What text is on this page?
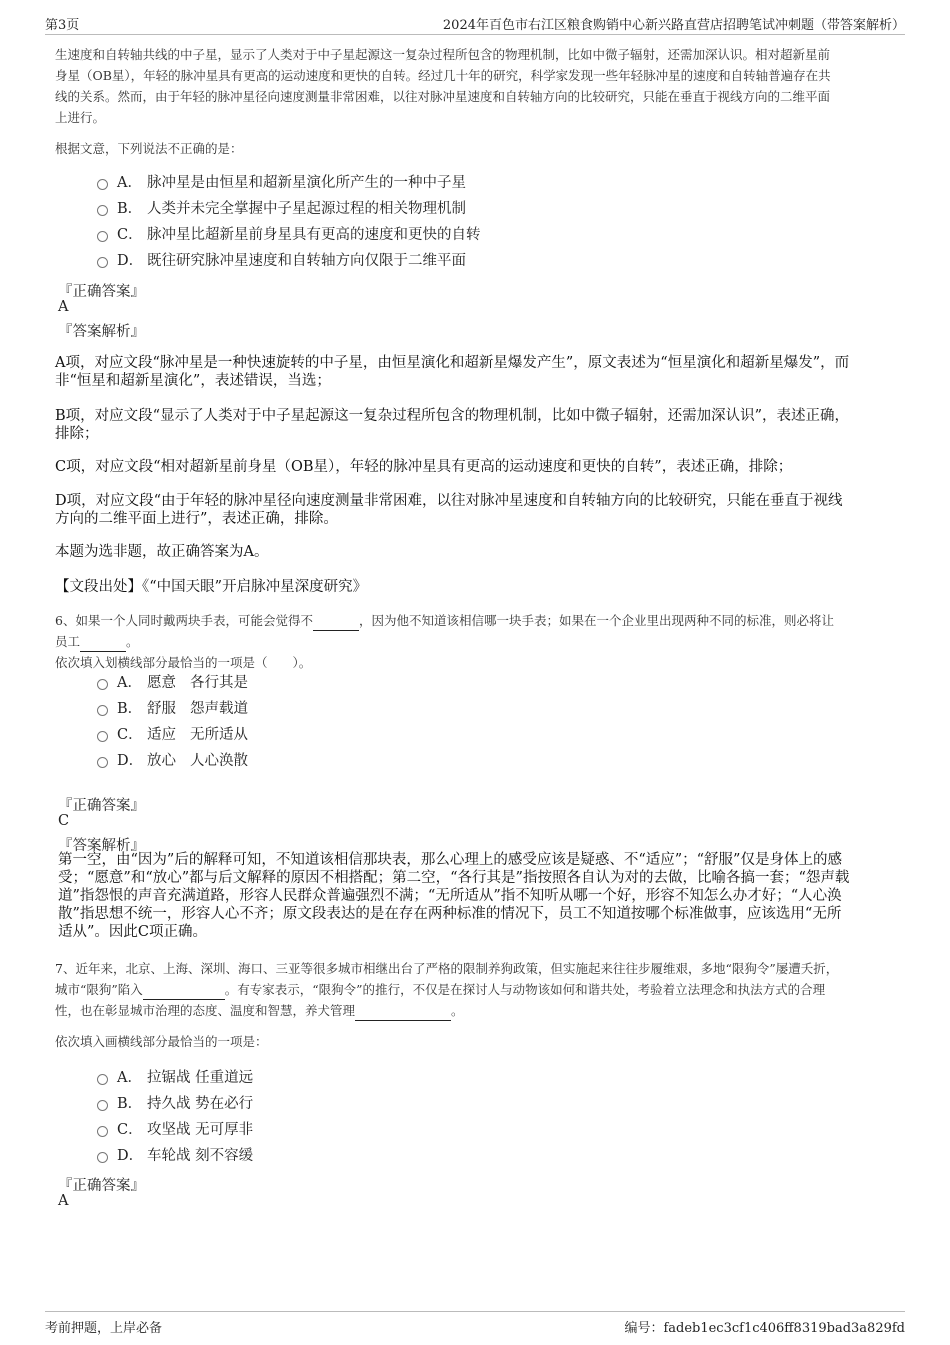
第3页	2024年百色市右江区粮食购销中心新兴路直营店招聘笔试冲刺题（带答案解析）
生速度和自转轴共线的中子星，显示了人类对于中子星起源这一复杂过程所包含的物理机制，比如中微子辐射，还需加深认识。相对超新星前
身星（OB星），年轻的脉冲星具有更高的运动速度和更快的自转。经过几十年的研究，科学家发现一些年轻脉冲星的速度和自转轴普遍存在共
线的关系。然而，由于年轻的脉冲星径向速度测量非常困难，以往对脉冲星速度和自转轴方向的比较研究，只能在垂直于视线方向的二维平面
上进行。
根据文意，下列说法不正确的是：
A． 脉冲星是由恒星和超新星演化所产生的一种中子星
B． 人类并未完全掌握中子星起源过程的相关物理机制
C． 脉冲星比超新星前身星具有更高的速度和更快的自转
D． 既往研究脉冲星速度和自转轴方向仅限于二维平面
『正确答案』
A
『答案解析』
A项，对应文段“脉冲星是一种快速旋转的中子星，由恒星演化和超新星爆发产生”，原文表述为“恒星演化和超新星爆发”，而
非“恒星和超新星演化”，表述错误，当选；
B项，对应文段“显示了人类对于中子星起源这一复杂过程所包含的物理机制，比如中微子辐射，还需加深认识”，表述正确，
排除；
C项，对应文段“相对超新星前身星（OB星），年轻的脉冲星具有更高的运动速度和更快的自转”，表述正确，排除；
D项，对应文段“由于年轻的脉冲星径向速度测量非常困难，以往对脉冲星速度和自转轴方向的比较研究，只能在垂直于视线
方向的二维平面上进行”，表述正确，排除。
本题为选非题，故正确答案为A。
【文段出处】《“中国天眼”开启脉冲星深度研究》
6、如果一个人同时戴两块手表，可能会觉得不	，因为他不知道该相信哪一块手表；如果在一个企业里出现两种不同的标准，则必将让
员工	。
依次填入划横线部分最恰当的一项是（　　）。
A． 愿意 各行其是
B． 舒服 怨声载道
C． 适应 无所适从
D． 放心 人心涣散
『正确答案』
C
『答案解析』
第一空，由“因为”后的解释可知，不知道该相信那块表，那么心理上的感受应该是疑惑、不“适应”；“舒服”仅是身体上的感
受；“愿意”和“放心”都与后文解释的原因不相搭配；第二空，“各行其是”指按照各自认为对的去做，比喻各搞一套；“怨声载
道”指怨恨的声音充满道路，形容人民群众普遍强烈不满；“无所适从”指不知听从哪一个好，形容不知怎么办才好；“人心涣
散”指思想不统一，形容人心不齐；原文段表达的是在存在两种标准的情况下，员工不知道按哪个标准做事，应该选用“无所
适从”。因此C项正确。
7、近年来，北京、上海、深圳、海口、三亚等很多城市相继出台了严格的限制养狗政策，但实施起来往往步履维艰，多地“限狗令”屡遭夭折，
城市“限狗”陷入	。有专家表示，“限狗令”的推行，不仅是在探讨人与动物该如何和谐共处，考验着立法理念和执法方式的合理
性，也在彰显城市治理的态度、温度和智慧，养犬管理	。
依次填入画横线部分最恰当的一项是：
A． 拉锯战 任重道远
B． 持久战 势在必行
C． 攻坚战 无可厚非
D． 车轮战 刻不容缓
『正确答案』
A
考前押题，上岸必备	编号：fadeb1ec3cf1c406ff8319bad3a829fd
